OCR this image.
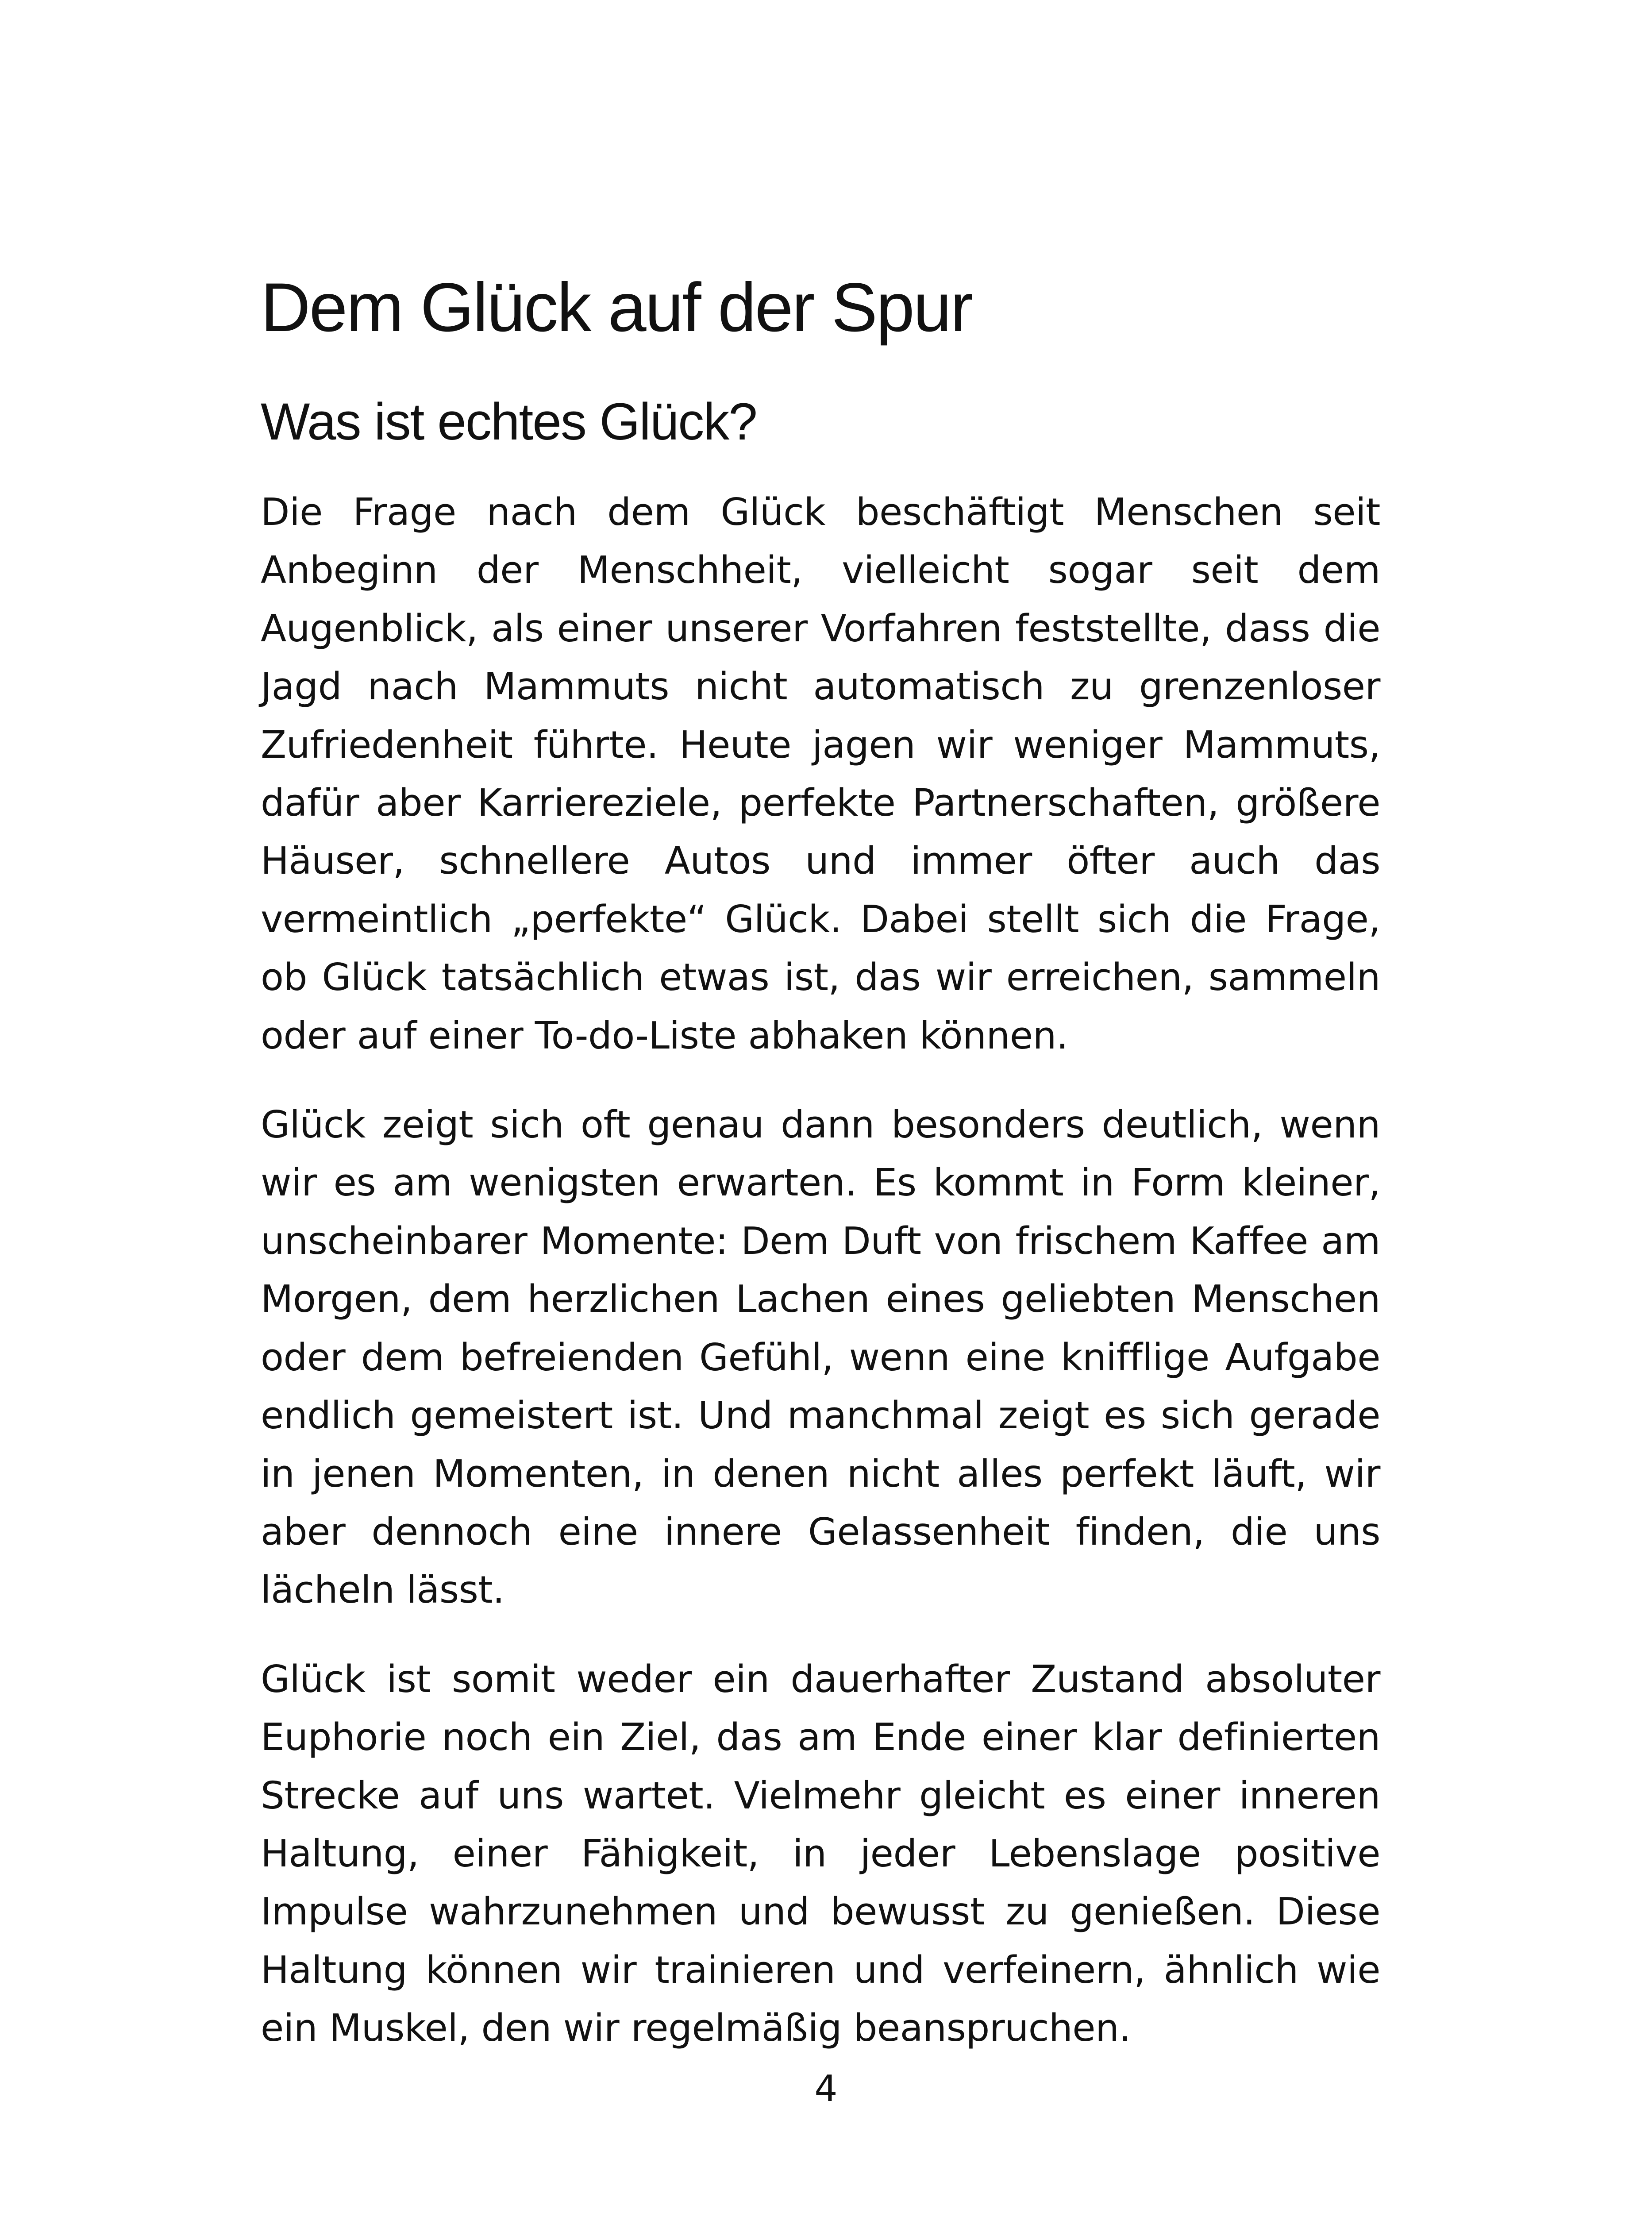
Dem Glück auf der Spur
Was ist echtes Glück?

Die Frage nach dem Glück beschäftigt Menschen seit Anbeginn der Menschheit, vielleicht sogar seit dem Augenblick, als einer unserer Vorfahren feststellte, dass die Jagd nach Mammuts nicht automatisch zu grenzenloser Zufriedenheit führte. Heute jagen wir weniger Mammuts, dafür aber Karriereziele, perfekte Partnerschaften, größere Häuser, schnellere Autos und immer öfter auch das vermeintlich „perfekte“ Glück. Dabei stellt sich die Frage, ob Glück tatsächlich etwas ist, das wir erreichen, sammeln oder auf einer To-do-Liste abhaken können.

Glück zeigt sich oft genau dann besonders deutlich, wenn wir es am wenigsten erwarten. Es kommt in Form kleiner, unscheinbarer Momente: Dem Duft von frischem Kaffee am Morgen, dem herzlichen Lachen eines geliebten Menschen oder dem befreienden Gefühl, wenn eine knifflige Aufgabe endlich gemeistert ist. Und manchmal zeigt es sich gerade in jenen Momenten, in denen nicht alles perfekt läuft, wir aber dennoch eine innere Gelassenheit finden, die uns lächeln lässt.

Glück ist somit weder ein dauerhafter Zustand absoluter Euphorie noch ein Ziel, das am Ende einer klar definierten Strecke auf uns wartet. Vielmehr gleicht es einer inneren Haltung, einer Fähigkeit, in jeder Lebenslage positive Impulse wahrzunehmen und bewusst zu genießen. Diese Haltung können wir trainieren und verfeinern, ähnlich wie ein Muskel, den wir regelmäßig beanspruchen.

4
